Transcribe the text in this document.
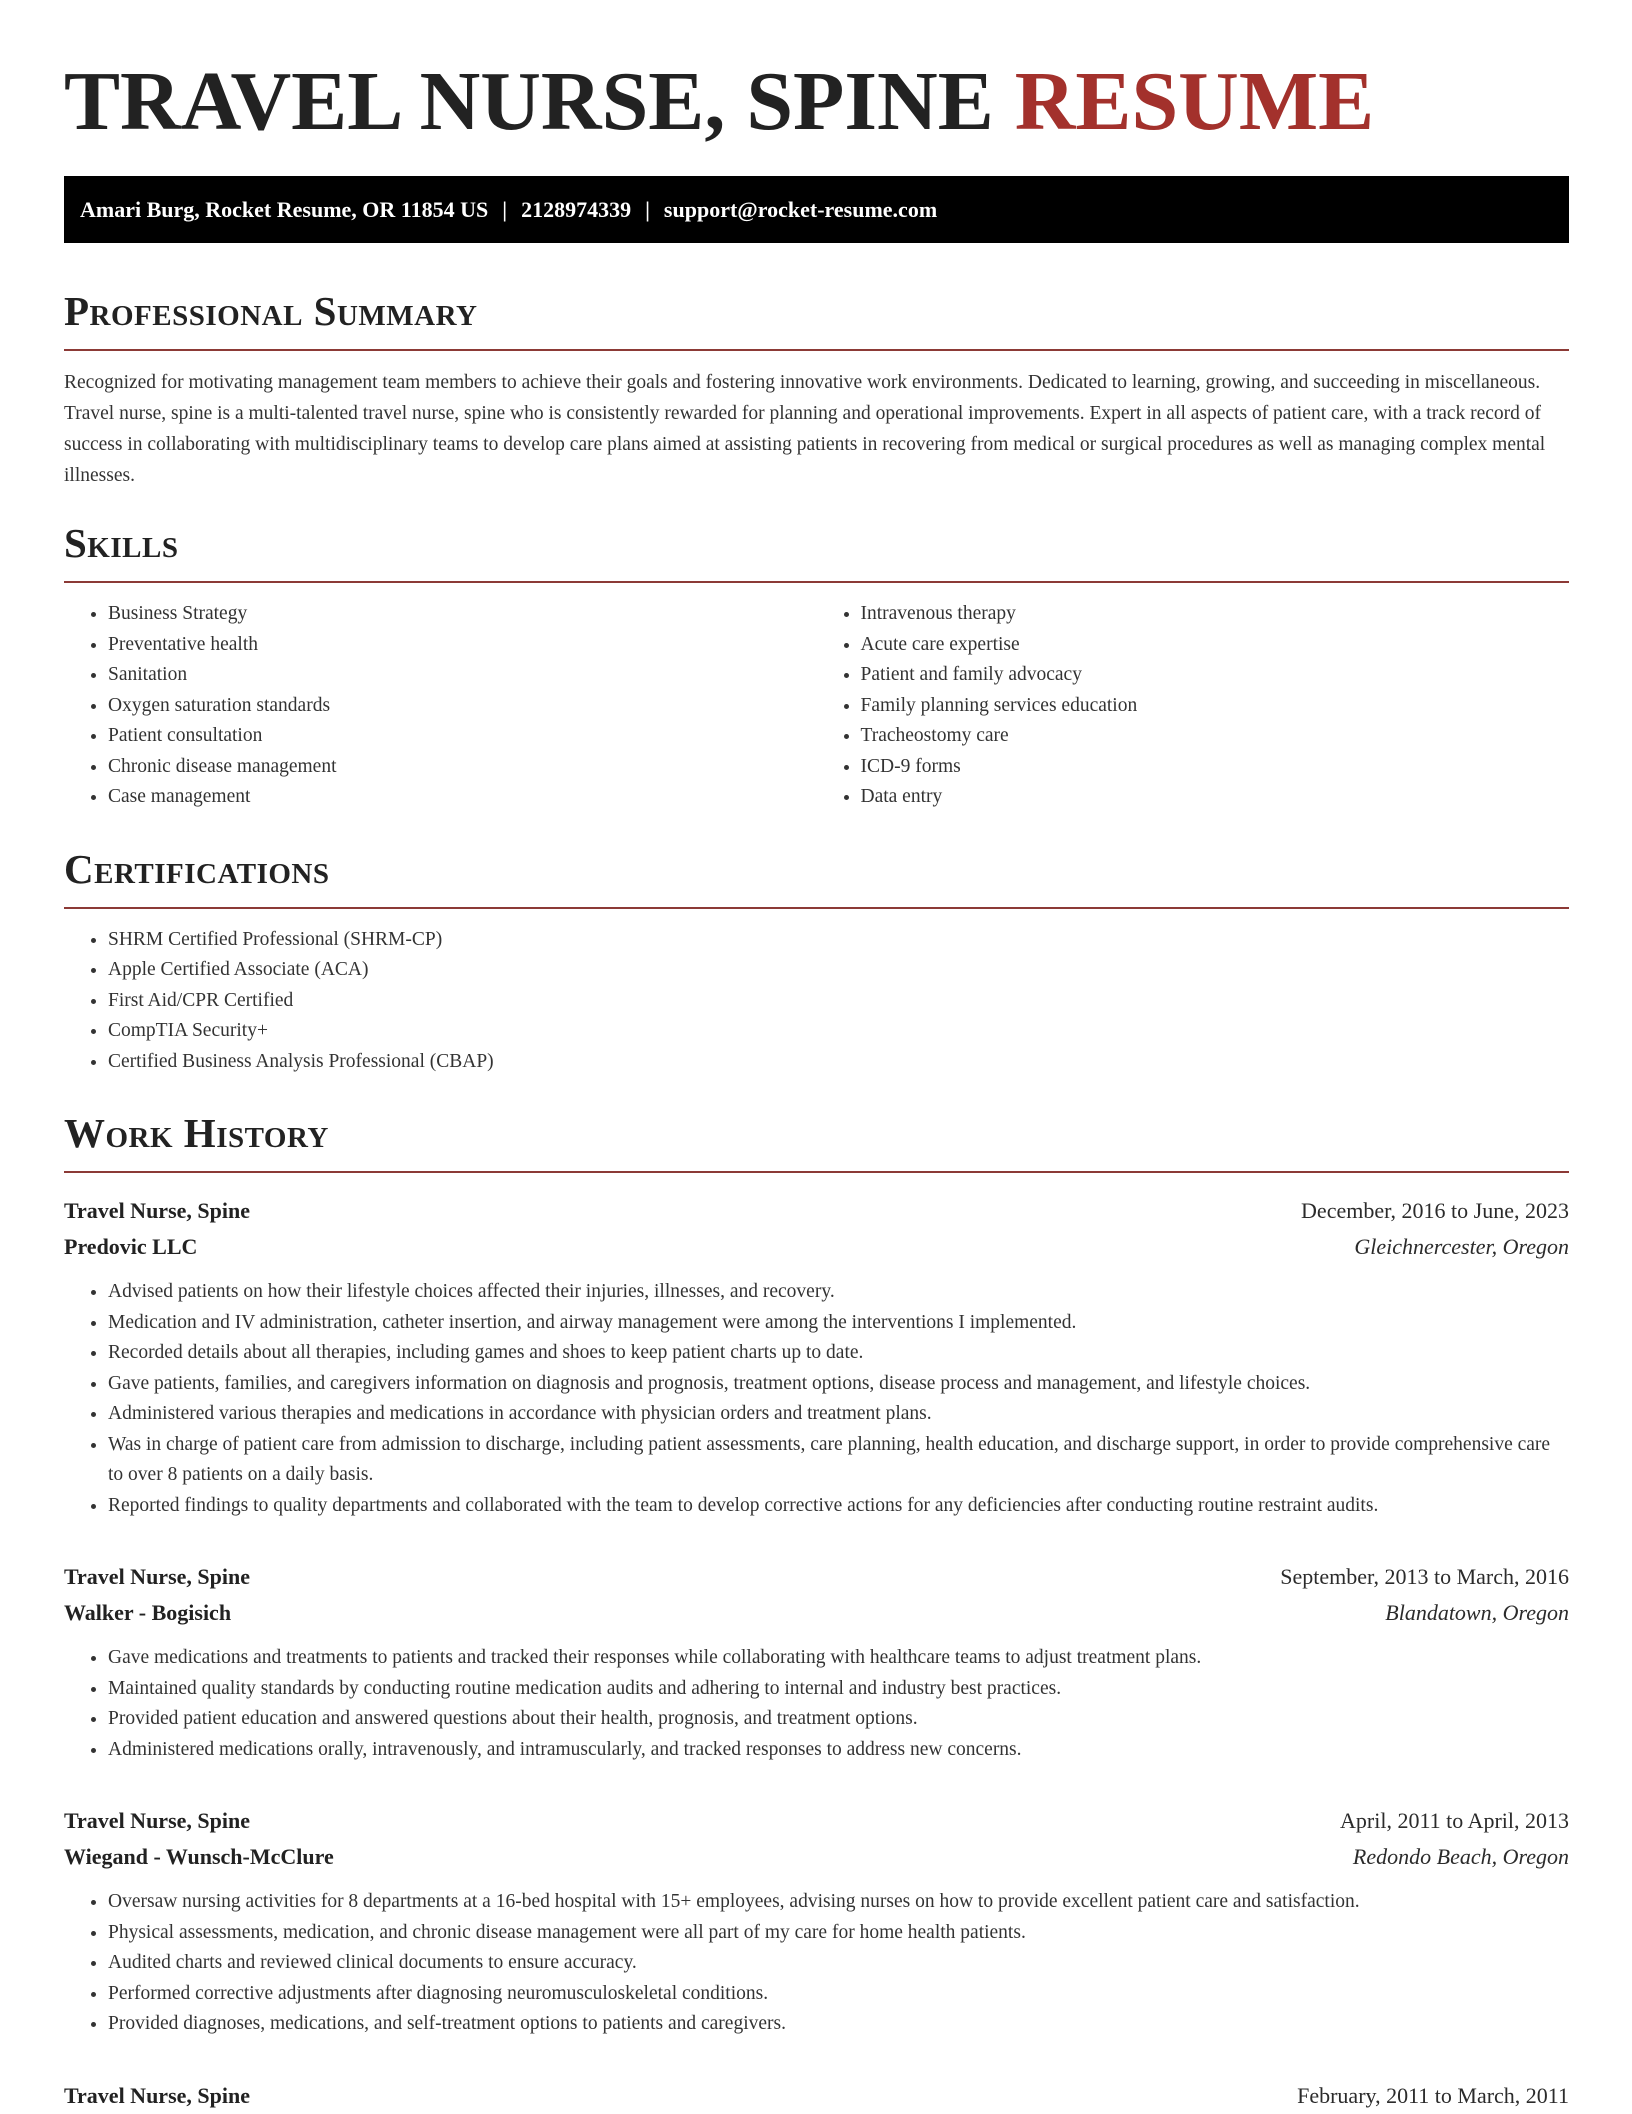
TRAVEL NURSE, SPINE RESUME
Amari Burg, Rocket Resume, OR 11854 US | 2128974339 | support@rocket-resume.com
Professional Summary

Recognized for motivating management team members to achieve their goals and fostering innovative work environments. Dedicated to learning, growing, and succeeding in miscellaneous. Travel nurse, spine is a multi-talented travel nurse, spine who is consistently rewarded for planning and operational improvements. Expert in all aspects of patient care, with a track record of success in collaborating with multidisciplinary teams to develop care plans aimed at assisting patients in recovering from medical or surgical procedures as well as managing complex mental illnesses.

Skills
• Business Strategy
• Preventative health
• Sanitation
• Oxygen saturation standards
• Patient consultation
• Chronic disease management
• Case management
• Intravenous therapy
• Acute care expertise
• Patient and family advocacy
• Family planning services education
• Tracheostomy care
• ICD-9 forms
• Data entry
Certifications
• SHRM Certified Professional (SHRM-CP)
• Apple Certified Associate (ACA)
• First Aid/CPR Certified
• CompTIA Security+
• Certified Business Analysis Professional (CBAP)
Work History
Travel Nurse, Spine	December, 2016 to June, 2023
Predovic LLC	Gleichnercester, Oregon
• Advised patients on how their lifestyle choices affected their injuries, illnesses, and recovery.
• Medication and IV administration, catheter insertion, and airway management were among the interventions I implemented.
• Recorded details about all therapies, including games and shoes to keep patient charts up to date.
• Gave patients, families, and caregivers information on diagnosis and prognosis, treatment options, disease process and management, and lifestyle choices.
• Administered various therapies and medications in accordance with physician orders and treatment plans.
• Was in charge of patient care from admission to discharge, including patient assessments, care planning, health education, and discharge support, in order to provide comprehensive care to over 8 patients on a daily basis.
• Reported findings to quality departments and collaborated with the team to develop corrective actions for any deficiencies after conducting routine restraint audits.
Travel Nurse, Spine	September, 2013 to March, 2016
Walker - Bogisich	Blandatown, Oregon
• Gave medications and treatments to patients and tracked their responses while collaborating with healthcare teams to adjust treatment plans.
• Maintained quality standards by conducting routine medication audits and adhering to internal and industry best practices.
• Provided patient education and answered questions about their health, prognosis, and treatment options.
• Administered medications orally, intravenously, and intramuscularly, and tracked responses to address new concerns.
Travel Nurse, Spine	April, 2011 to April, 2013
Wiegand - Wunsch-McClure	Redondo Beach, Oregon
• Oversaw nursing activities for 8 departments at a 16-bed hospital with 15+ employees, advising nurses on how to provide excellent patient care and satisfaction.
• Physical assessments, medication, and chronic disease management were all part of my care for home health patients.
• Audited charts and reviewed clinical documents to ensure accuracy.
• Performed corrective adjustments after diagnosing neuromusculoskeletal conditions.
• Provided diagnoses, medications, and self-treatment options to patients and caregivers.
Travel Nurse, Spine	February, 2011 to March, 2011
